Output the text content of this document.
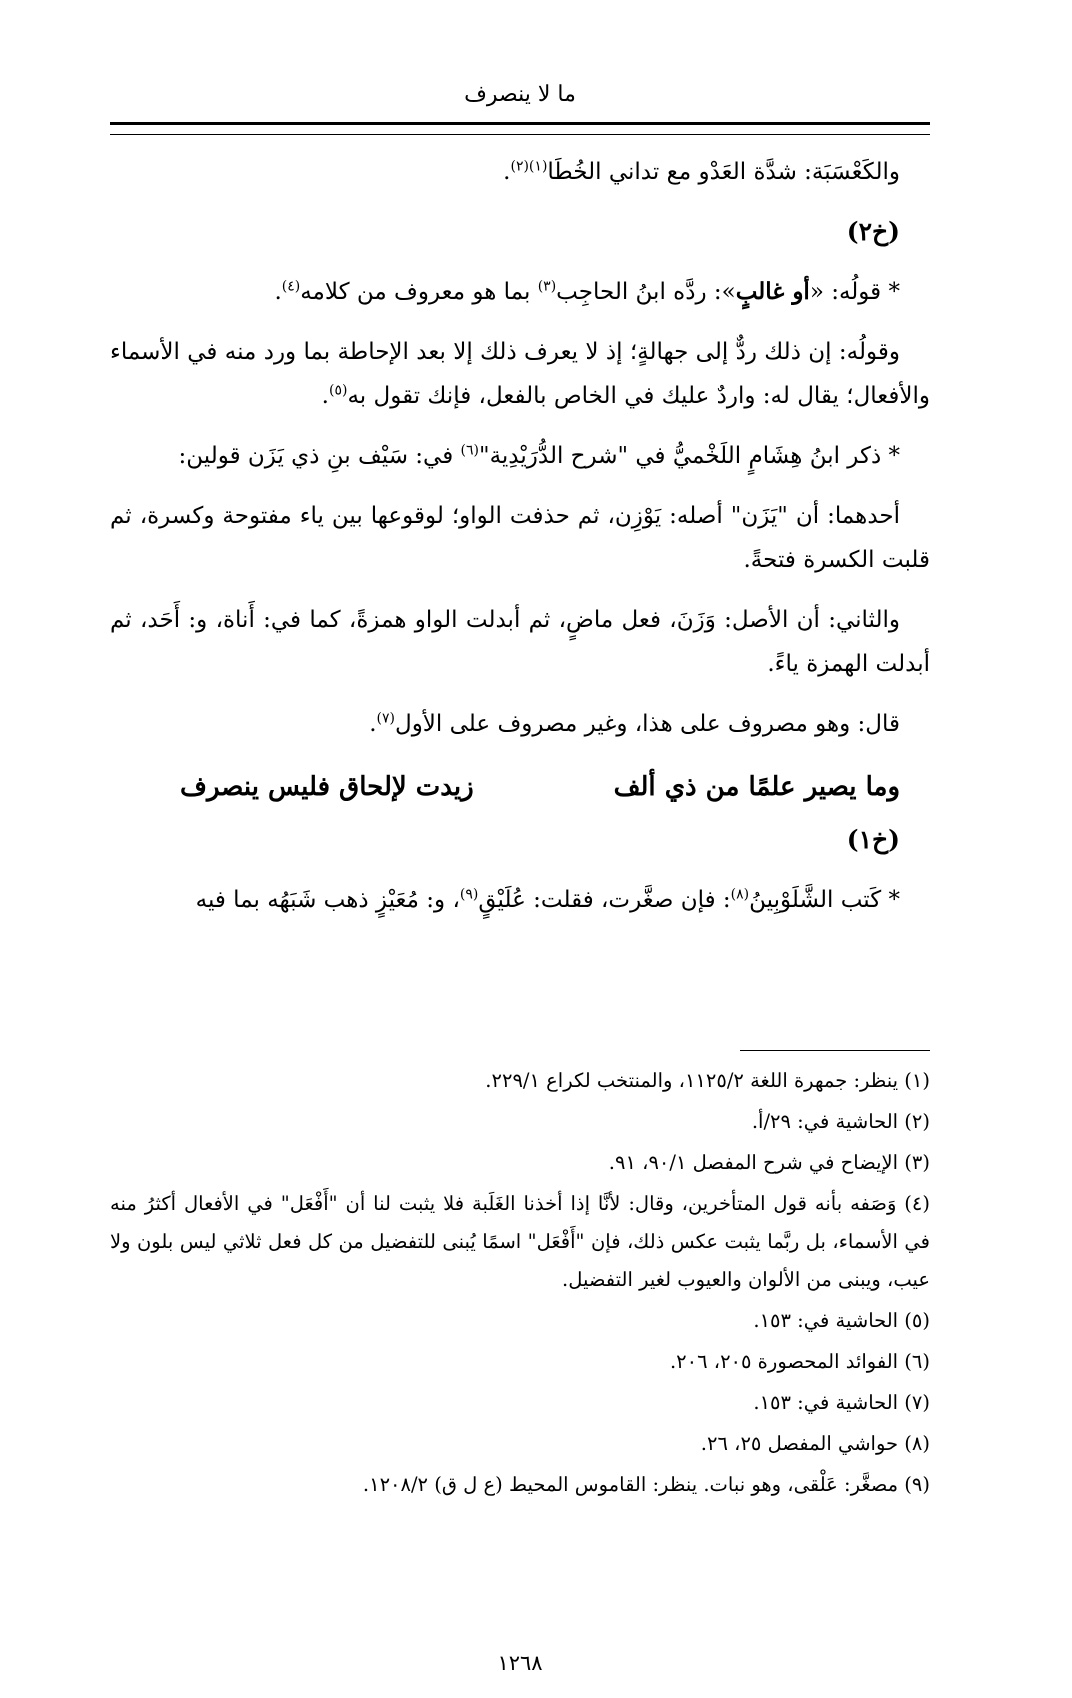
ما لا ينصرف

والكَعْسَبَة: شدَّة العَدْو مع تداني الخُطَا$^{(١)(٢)}$.

(خ٢)

* قولُه: «أو غالبٍ»: ردَّه ابنُ الحاجِب$^{(٣)}$ بما هو معروف من كلامه$^{(٤)}$.

وقولُه: إن ذلك ردٌّ إلى جهالةٍ؛ إذ لا يعرف ذلك إلا بعد الإحاطة بما ورد منه في الأسماء والأفعال؛ يقال له: واردٌ عليك في الخاص بالفعل، فإنك تقول به$^{(٥)}$.

* ذكر ابنُ هِشَامٍ اللَخْميُّ في "شرح الدُّرَيْدِية"$^{(٦)}$ في: سَيْف بنِ ذي يَزَن قولين:

أحدهما: أن "يَزَن" أصله: يَوْزِن، ثم حذفت الواو؛ لوقوعها بين ياء مفتوحة وكسرة، ثم قلبت الكسرة فتحةً.

والثاني: أن الأصل: وَزَنَ، فعل ماضٍ، ثم أبدلت الواو همزةً، كما في: أَناة، و: أَحَد، ثم أبدلت الهمزة ياءً.

قال: وهو مصروف على هذا، وغير مصروف على الأول$^{(٧)}$.

وما يصير علمًا من ذي ألف
زيدت لإلحاق فليس ينصرف
(خ١)

* كَتب الشَّلَوْبِينُ$^{(٨)}$: فإن صغَّرت، فقلت: عُلَيْقٍ$^{(٩)}$، و: مُعَيْزٍ ذهب شَبَهُه بما فيه

(١) ينظر: جمهرة اللغة ١١٢٥/٢، والمنتخب لكراع ٢٢٩/١.
(٢) الحاشية في: ٢٩/أ.
(٣) الإيضاح في شرح المفصل ٩٠/١، ٩١.
(٤) وَصَفه بأنه قول المتأخرين، وقال: لأنَّا إذا أخذنا الغَلَبة فلا يثبت لنا أن "أَفْعَل" في الأفعال أكثرُ منه في الأسماء، بل ربَّما يثبت عكس ذلك، فإن "أَفْعَل" اسمًا يُبنى للتفضيل من كل فعل ثلاثي ليس بلون ولا عيب، ويبنى من الألوان والعيوب لغير التفضيل.
(٥) الحاشية في: ١٥٣.
(٦) الفوائد المحصورة ٢٠٥، ٢٠٦.
(٧) الحاشية في: ١٥٣.
(٨) حواشي المفصل ٢٥، ٢٦.
(٩) مصغَّر: عَلْقى، وهو نبات. ينظر: القاموس المحيط (ع ل ق) ١٢٠٨/٢.
١٢٦٨
